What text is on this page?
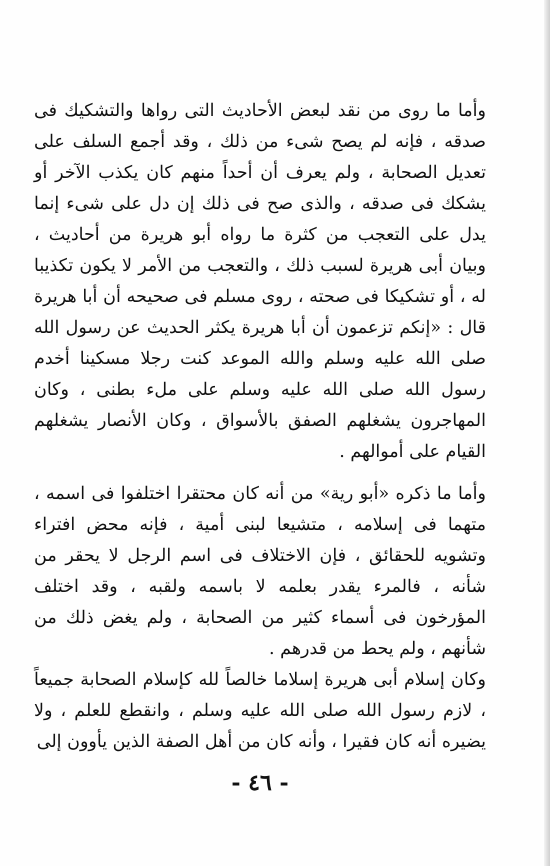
وأما ما روى من نقد لبعض الأحاديث التى رواها والتشكيك فى صدقه ، فإنه لم يصح شىء من ذلك ، وقد أجمع السلف على تعديل الصحابة ، ولم يعرف أن أحداً منهم كان يكذب الآخر أو يشكك فى صدقه ، والذى صح فى ذلك إن دل على شىء إنما يدل على التعجب من كثرة ما رواه أبو هريرة من أحاديث ، وبيان أبى هريرة لسبب ذلك ، والتعجب من الأمر لا يكون تكذيبا له ، أو تشكيكا فى صحته ، روى مسلم فى صحيحه أن أبا هريرة قال : «إنكم تزعمون أن أبا هريرة يكثر الحديث عن رسول الله صلى الله عليه وسلم والله الموعد كنت رجلا مسكينا أخدم رسول الله صلى الله عليه وسلم على ملء بطنى ، وكان المهاجرون يشغلهم الصفق بالأسواق ، وكان الأنصار يشغلهم القيام على أموالهم .

وأما ما ذكره «أبو رية» من أنه كان محتقرا اختلفوا فى اسمه ، متهما فى إسلامه ، متشيعا لبنى أمية ، فإنه محض افتراء وتشويه للحقائق ، فإن الاختلاف فى اسم الرجل لا يحقر من شأنه ، فالمرء يقدر بعلمه لا باسمه ولقبه ، وقد اختلف المؤرخون فى أسماء كثير من الصحابة ، ولم يغض ذلك من شأنهم ، ولم يحط من قدرهم .

وكان إسلام أبى هريرة إسلاما خالصاً لله كإسلام الصحابة جميعاً ، لازم رسول الله صلى الله عليه وسلم ، وانقطع للعلم ، ولا يضيره أنه كان فقيرا ، وأنه كان من أهل الصفة الذين يأوون إلى

- ٤٦ -
